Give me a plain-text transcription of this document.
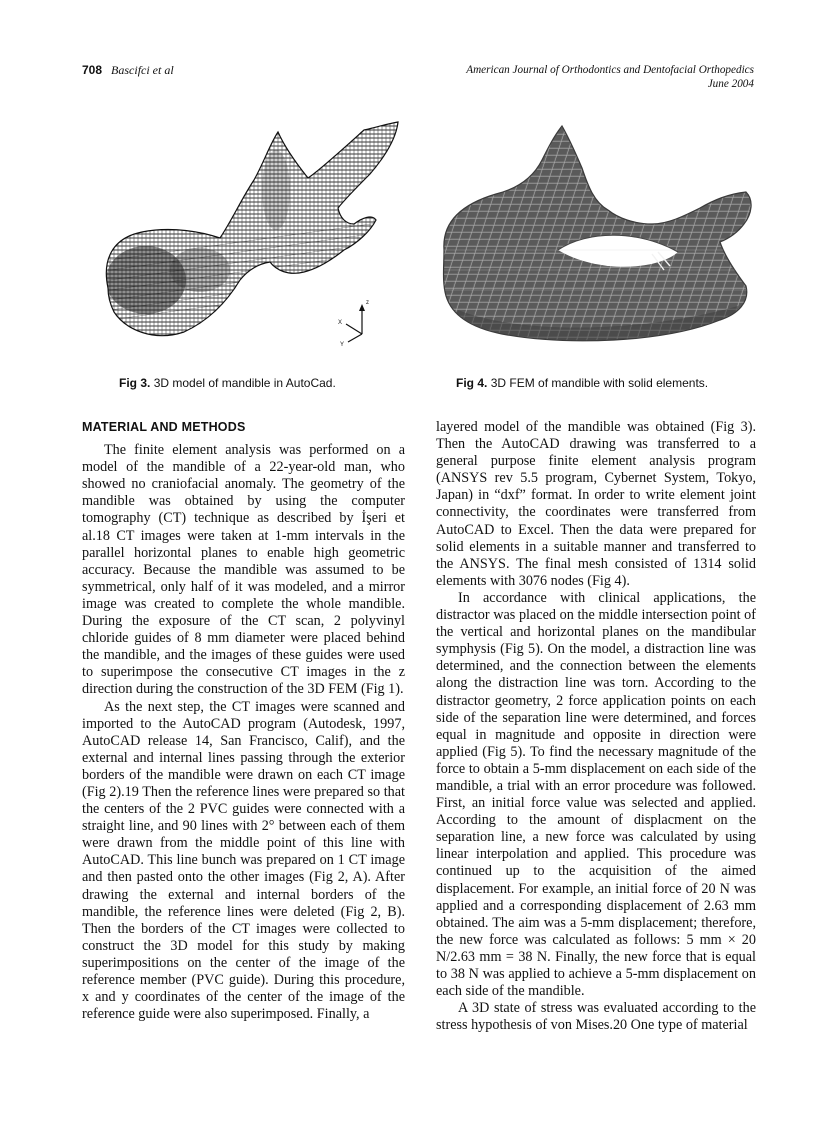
708 Bascifci et al	American Journal of Orthodontics and Dentofacial Orthopedics
June 2004
z
X
Y
Fig 3. 3D model of mandible in AutoCad.	Fig 4. 3D FEM of mandible with solid elements.
MATERIAL AND METHODS

The finite element analysis was performed on a model of the mandible of a 22-year-old man, who showed no craniofacial anomaly. The geometry of the mandible was obtained by using the computer tomography (CT) technique as described by İşeri et al.18 CT images were taken at 1-mm intervals in the parallel horizontal planes to enable high geometric accuracy. Because the mandible was assumed to be symmetrical, only half of it was modeled, and a mirror image was created to complete the whole mandible. During the exposure of the CT scan, 2 polyvinyl chloride guides of 8 mm diameter were placed behind the mandible, and the images of these guides were used to superimpose the consecutive CT images in the z direction during the construction of the 3D FEM (Fig 1).

As the next step, the CT images were scanned and imported to the AutoCAD program (Autodesk, 1997, AutoCAD release 14, San Francisco, Calif), and the external and internal lines passing through the exterior borders of the mandible were drawn on each CT image (Fig 2).19 Then the reference lines were prepared so that the centers of the 2 PVC guides were connected with a straight line, and 90 lines with 2° between each of them were drawn from the middle point of this line with AutoCAD. This line bunch was prepared on 1 CT image and then pasted onto the other images (Fig 2, A). After drawing the external and internal borders of the mandible, the reference lines were deleted (Fig 2, B). Then the borders of the CT images were collected to construct the 3D model for this study by making superimpositions on the center of the image of the reference member (PVC guide). During this procedure, x and y coordinates of the center of the image of the reference guide were also superimposed. Finally, a

layered model of the mandible was obtained (Fig 3). Then the AutoCAD drawing was transferred to a general purpose finite element analysis program (ANSYS rev 5.5 program, Cybernet System, Tokyo, Japan) in “dxf” format. In order to write element joint connectivity, the coordinates were transferred from AutoCAD to Excel. Then the data were prepared for solid elements in a suitable manner and transferred to the ANSYS. The final mesh consisted of 1314 solid elements with 3076 nodes (Fig 4).

In accordance with clinical applications, the distractor was placed on the middle intersection point of the vertical and horizontal planes on the mandibular symphysis (Fig 5). On the model, a distraction line was determined, and the connection between the elements along the distraction line was torn. According to the distractor geometry, 2 force application points on each side of the separation line were determined, and forces equal in magnitude and opposite in direction were applied (Fig 5). To find the necessary magnitude of the force to obtain a 5-mm displacement on each side of the mandible, a trial with an error procedure was followed. First, an initial force value was selected and applied. According to the amount of displacment on the separation line, a new force was calculated by using linear interpolation and applied. This procedure was continued up to the acquisition of the aimed displacement. For example, an initial force of 20 N was applied and a corresponding displacement of 2.63 mm obtained. The aim was a 5-mm displacement; therefore, the new force was calculated as follows: 5 mm × 20 N/2.63 mm = 38 N. Finally, the new force that is equal to 38 N was applied to achieve a 5-mm displacement on each side of the mandible.

A 3D state of stress was evaluated according to the stress hypothesis of von Mises.20 One type of material
